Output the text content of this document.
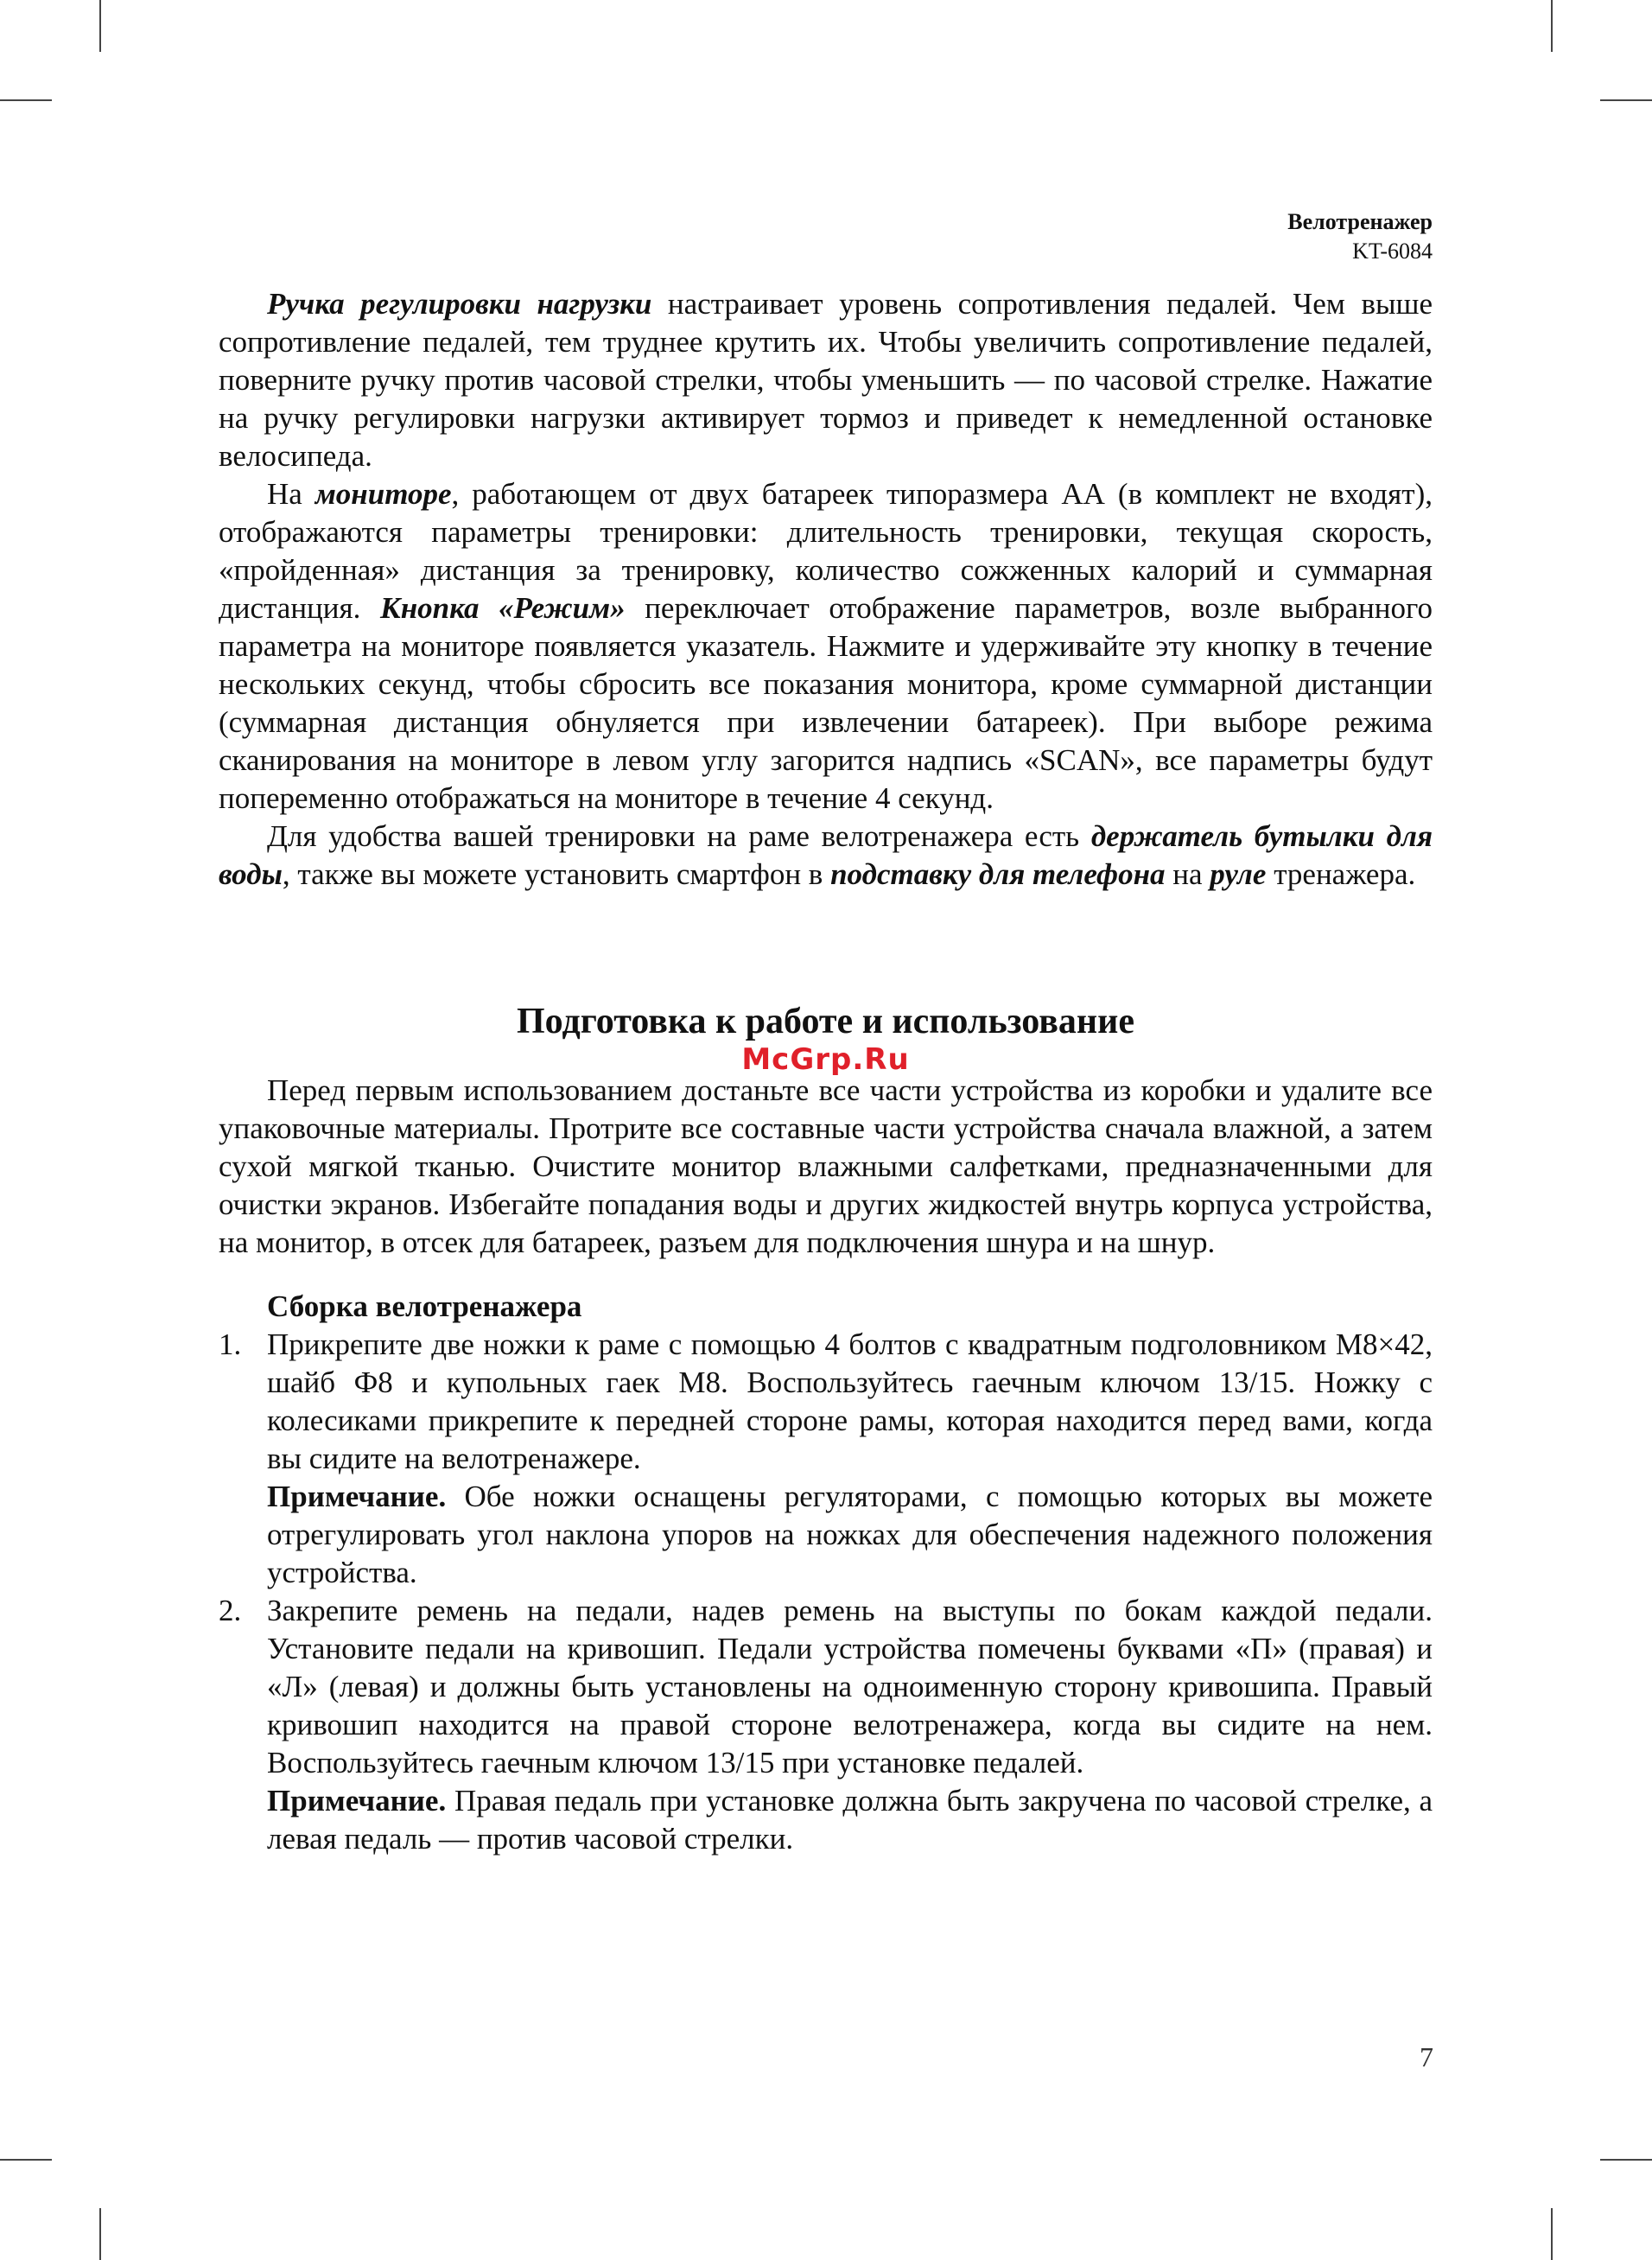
Велотренажер
KT-6084

Ручка регулировки нагрузки настраивает уровень сопротивления педалей. Чем выше сопротивление педалей, тем труднее крутить их. Чтобы увеличить сопротивление педалей, поверните ручку против часовой стрелки, чтобы уменьшить — по часовой стрелке. Нажатие на ручку регулировки нагрузки активирует тормоз и приведет к немедленной остановке велосипеда.

На мониторе, работающем от двух батареек типоразмера АА (в комплект не входят), отображаются параметры тренировки: длительность тренировки, текущая скорость, «пройденная» дистанция за тренировку, количество сожженных калорий и суммарная дистанция. Кнопка «Режим» переключает отображение параметров, возле выбранного параметра на мониторе появляется указатель. Нажмите и удерживайте эту кнопку в течение нескольких секунд, чтобы сбросить все показания монитора, кроме суммарной дистанции (суммарная дистанция обнуляется при извлечении батареек). При выборе режима сканирования на мониторе в левом углу загорится надпись «SCAN», все параметры будут попеременно отображаться на мониторе в течение 4 секунд.

Для удобства вашей тренировки на раме велотренажера есть держатель бутылки для воды, также вы можете установить смартфон в подставку для телефона на руле тренажера.

Подготовка к работе и использование
McGrp.Ru

Перед первым использованием достаньте все части устройства из коробки и удалите все упаковочные материалы. Протрите все составные части устройства сначала влажной, а затем сухой мягкой тканью. Очистите монитор влажными салфетками, предназначенными для очистки экранов. Избегайте попадания воды и других жидкостей внутрь корпуса устройства, на монитор, в отсек для батареек, разъем для подключения шнура и на шнур.

Сборка велотренажера

1. Прикрепите две ножки к раме с помощью 4 болтов с квадратным подголовником M8×42, шайб Ф8 и купольных гаек M8. Воспользуйтесь гаечным ключом 13/15. Ножку с колесиками прикрепите к передней стороне рамы, которая находится перед вами, когда вы сидите на велотренажере.

Примечание. Обе ножки оснащены регуляторами, с помощью которых вы можете отрегулировать угол наклона упоров на ножках для обеспечения надежного положения устройства.

2. Закрепите ремень на педали, надев ремень на выступы по бокам каждой педали. Установите педали на кривошип. Педали устройства помечены буквами «П» (правая) и «Л» (левая) и должны быть установлены на одноименную сторону кривошипа. Правый кривошип находится на правой стороне велотренажера, когда вы сидите на нем. Воспользуйтесь гаечным ключом 13/15 при установке педалей.

Примечание. Правая педаль при установке должна быть закручена по часовой стрелке, а левая педаль — против часовой стрелки.

7
